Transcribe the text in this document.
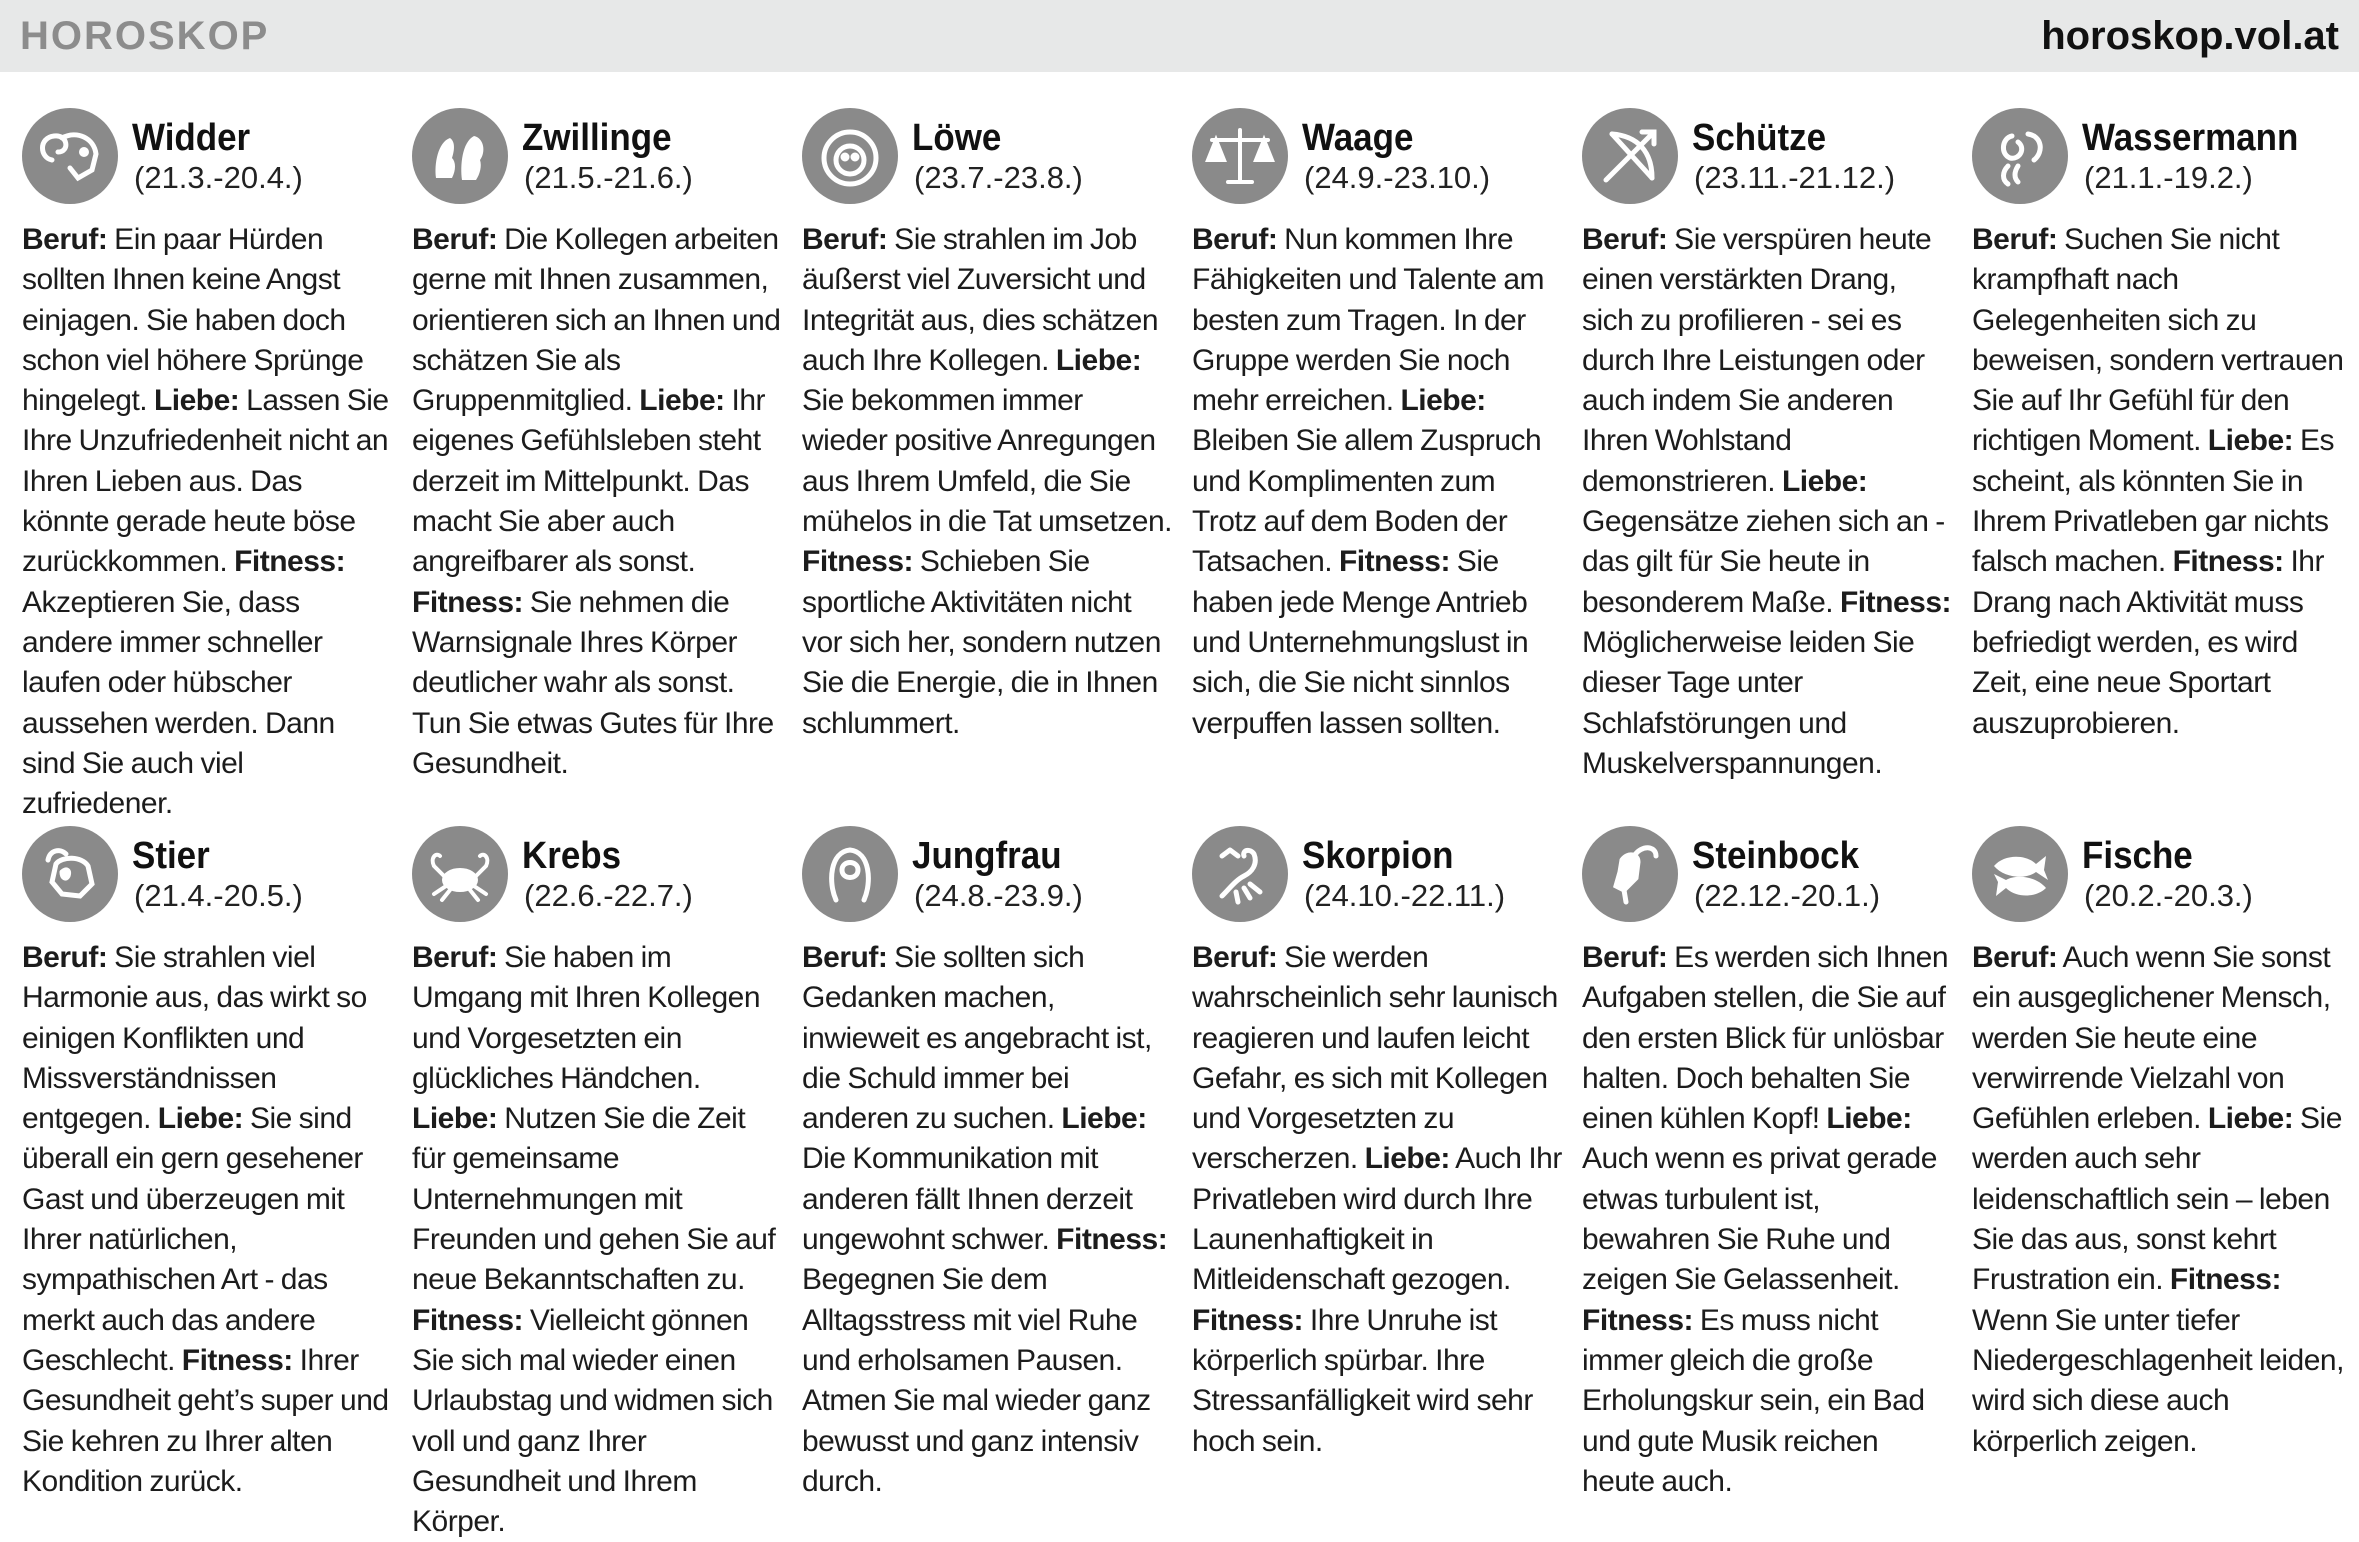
HOROSKOP	horoskop.vol.at
Widder
(21.3.-20.4.)

Beruf: Ein paar Hürden sollten Ihnen keine Angst einjagen. Sie haben doch schon viel höhere Sprünge hingelegt. Liebe: Lassen Sie Ihre Unzufriedenheit nicht an Ihren Lieben aus. Das könnte gerade heute böse zurückkommen. Fitness: Akzeptieren Sie, dass andere immer schneller laufen oder hübscher aussehen werden. Dann sind Sie auch viel zufriedener.

Zwillinge
(21.5.-21.6.)

Beruf: Die Kollegen arbeiten gerne mit Ihnen zusammen, orientieren sich an Ihnen und schätzen Sie als Gruppenmitglied. Liebe: Ihr eigenes Gefühlsleben steht derzeit im Mittelpunkt. Das macht Sie aber auch angreifbarer als sonst. Fitness: Sie nehmen die Warnsignale Ihres Körper deutlicher wahr als sonst. Tun Sie etwas Gutes für Ihre Gesundheit.

Löwe
(23.7.-23.8.)

Beruf: Sie strahlen im Job äußerst viel Zuversicht und Integrität aus, dies schätzen auch Ihre Kollegen. Liebe: Sie bekommen immer wieder positive Anregungen aus Ihrem Umfeld, die Sie mühelos in die Tat umsetzen. Fitness: Schieben Sie sportliche Aktivitäten nicht vor sich her, sondern nutzen Sie die Energie, die in Ihnen schlummert.

Waage
(24.9.-23.10.)

Beruf: Nun kommen Ihre Fähigkeiten und Talente am besten zum Tragen. In der Gruppe werden Sie noch mehr erreichen. Liebe: Bleiben Sie allem Zuspruch und Komplimenten zum Trotz auf dem Boden der Tatsachen. Fitness: Sie haben jede Menge Antrieb und Unternehmungslust in sich, die Sie nicht sinnlos verpuffen lassen sollten.

Schütze
(23.11.-21.12.)

Beruf: Sie verspüren heute einen verstärkten Drang, sich zu profilieren - sei es durch Ihre Leistungen oder auch indem Sie anderen Ihren Wohlstand demonstrieren. Liebe: Gegensätze ziehen sich an - das gilt für Sie heute in besonderem Maße. Fitness: Möglicherweise leiden Sie dieser Tage unter Schlafstörungen und Muskelverspannungen.

Wassermann
(21.1.-19.2.)

Beruf: Suchen Sie nicht krampfhaft nach Gelegenheiten sich zu beweisen, sondern vertrauen Sie auf Ihr Gefühl für den richtigen Moment. Liebe: Es scheint, als könnten Sie in Ihrem Privatleben gar nichts falsch machen. Fitness: Ihr Drang nach Aktivität muss befriedigt werden, es wird Zeit, eine neue Sportart auszuprobieren.

Stier
(21.4.-20.5.)

Beruf: Sie strahlen viel Harmonie aus, das wirkt so einigen Konflikten und Missverständnissen entgegen. Liebe: Sie sind überall ein gern gesehener Gast und überzeugen mit Ihrer natürlichen, sympathischen Art - das merkt auch das andere Geschlecht. Fitness: Ihrer Gesundheit geht’s super und Sie kehren zu Ihrer alten Kondition zurück.

Krebs
(22.6.-22.7.)

Beruf: Sie haben im Umgang mit Ihren Kollegen und Vorgesetzten ein glückliches Händchen. Liebe: Nutzen Sie die Zeit für gemeinsame Unternehmungen mit Freunden und gehen Sie auf neue Bekanntschaften zu. Fitness: Vielleicht gönnen Sie sich mal wieder einen Urlaubstag und widmen sich voll und ganz Ihrer Gesundheit und Ihrem Körper.

Jungfrau
(24.8.-23.9.)

Beruf: Sie sollten sich Gedanken machen, inwieweit es angebracht ist, die Schuld immer bei anderen zu suchen. Liebe: Die Kommunikation mit anderen fällt Ihnen derzeit ungewohnt schwer. Fitness: Begegnen Sie dem Alltagsstress mit viel Ruhe und erholsamen Pausen. Atmen Sie mal wieder ganz bewusst und ganz intensiv durch.

Skorpion
(24.10.-22.11.)

Beruf: Sie werden wahrscheinlich sehr launisch reagieren und laufen leicht Gefahr, es sich mit Kollegen und Vorgesetzten zu verscherzen. Liebe: Auch Ihr Privatleben wird durch Ihre Launenhaftigkeit in Mitleidenschaft gezogen. Fitness: Ihre Unruhe ist körperlich spürbar. Ihre Stressanfälligkeit wird sehr hoch sein.

Steinbock
(22.12.-20.1.)

Beruf: Es werden sich Ihnen Aufgaben stellen, die Sie auf den ersten Blick für unlösbar halten. Doch behalten Sie einen kühlen Kopf! Liebe: Auch wenn es privat gerade etwas turbulent ist, bewahren Sie Ruhe und zeigen Sie Gelassenheit. Fitness: Es muss nicht immer gleich die große Erholungskur sein, ein Bad und gute Musik reichen heute auch.

Fische
(20.2.-20.3.)

Beruf: Auch wenn Sie sonst ein ausgeglichener Mensch, werden Sie heute eine verwirrende Vielzahl von Gefühlen erleben. Liebe: Sie werden auch sehr leidenschaftlich sein – leben Sie das aus, sonst kehrt Frustration ein. Fitness: Wenn Sie unter tiefer Niedergeschlagenheit leiden, wird sich diese auch körperlich zeigen.
